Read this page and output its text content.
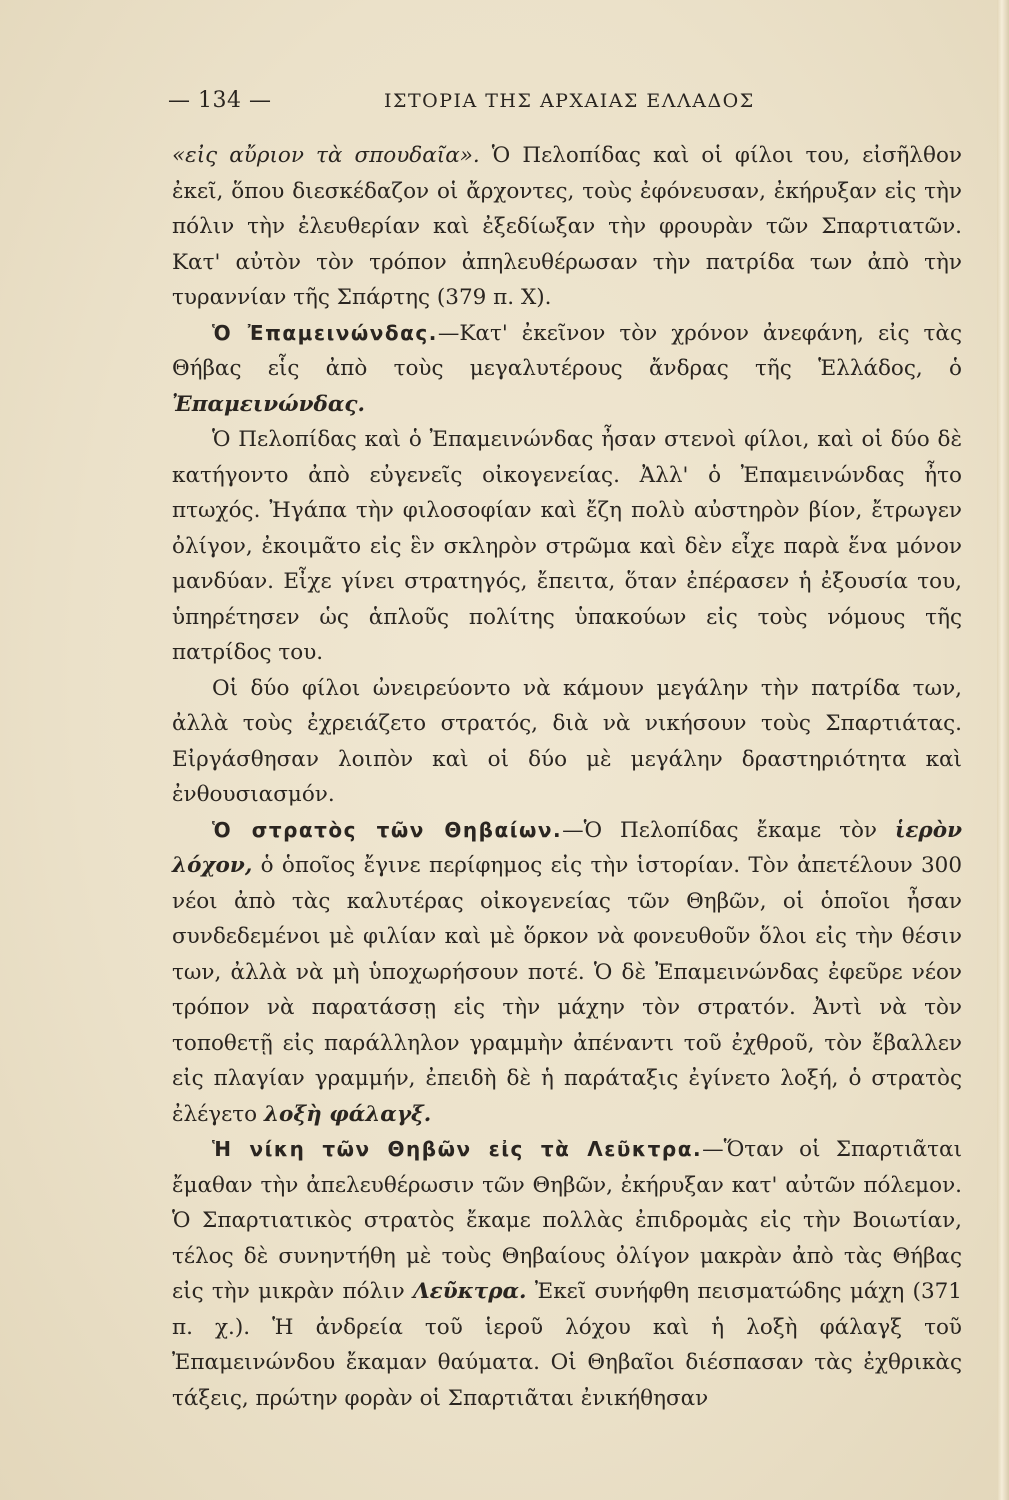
— 134 —	ΙΣΤΟΡΙΑ ΤΗΣ ΑΡΧΑΙΑΣ ΕΛΛΑΔΟΣ

«εἰς αὔριον τὰ σπουδαῖα». Ὁ Πελοπίδας καὶ οἱ φίλοι του, εἰσῆλθον ἐκεῖ, ὅπου διεσκέδαζον οἱ ἄρχοντες, τοὺς ἐφόνευσαν, ἐκήρυξαν εἰς τὴν πόλιν τὴν ἐλευθερίαν καὶ ἐξεδίωξαν τὴν φρουρὰν τῶν Σπαρτιατῶν. Κατ' αὐτὸν τὸν τρόπον ἀπηλευθέρωσαν τὴν πατρίδα των ἀπὸ τὴν τυραννίαν τῆς Σπάρτης (379 π. Χ).

Ὁ Ἐπαμεινώνδας.—Κατ' ἐκεῖνον τὸν χρόνον ἀνεφάνη, εἰς τὰς Θήβας εἷς ἀπὸ τοὺς μεγαλυτέρους ἄνδρας τῆς Ἑλλάδος, ὁ Ἐπαμεινώνδας.

Ὁ Πελοπίδας καὶ ὁ Ἐπαμεινώνδας ἦσαν στενοὶ φίλοι, καὶ οἱ δύο δὲ κατήγοντο ἀπὸ εὐγενεῖς οἰκογενείας. Ἀλλ' ὁ Ἐπαμεινώνδας ἦτο πτωχός. Ἠγάπα τὴν φιλοσοφίαν καὶ ἔζη πολὺ αὐστηρὸν βίον, ἔτρωγεν ὀλίγον, ἐκοιμᾶτο εἰς ἓν σκληρὸν στρῶμα καὶ δὲν εἶχε παρὰ ἕνα μόνον μανδύαν. Εἶχε γίνει στρατηγός, ἔπειτα, ὅταν ἐπέρασεν ἡ ἐξουσία του, ὑπηρέτησεν ὡς ἁπλοῦς πολίτης ὑπακούων εἰς τοὺς νόμους τῆς πατρίδος του.

Οἱ δύο φίλοι ὠνειρεύοντο νὰ κάμουν μεγάλην τὴν πατρίδα των, ἀλλὰ τοὺς ἐχρειάζετο στρατός, διὰ νὰ νικήσουν τοὺς Σπαρτιάτας. Εἰργάσθησαν λοιπὸν καὶ οἱ δύο μὲ μεγάλην δραστηριότητα καὶ ἐνθουσιασμόν.

Ὁ στρατὸς τῶν Θηβαίων.—Ὁ Πελοπίδας ἔκαμε τὸν ἱερὸν λόχον, ὁ ὁποῖος ἔγινε περίφημος εἰς τὴν ἱστορίαν. Τὸν ἀπετέλουν 300 νέοι ἀπὸ τὰς καλυτέρας οἰκογενείας τῶν Θηβῶν, οἱ ὁποῖοι ἦσαν συνδεδεμένοι μὲ φιλίαν καὶ μὲ ὅρκον νὰ φονευθοῦν ὅλοι εἰς τὴν θέσιν των, ἀλλὰ νὰ μὴ ὑποχωρήσουν ποτέ. Ὁ δὲ Ἐπαμεινώνδας ἐφεῦρε νέον τρόπον νὰ παρατάσσῃ εἰς τὴν μάχην τὸν στρατόν. Ἀντὶ νὰ τὸν τοποθετῇ εἰς παράλληλον γραμμὴν ἀπέναντι τοῦ ἐχθροῦ, τὸν ἔβαλλεν εἰς πλαγίαν γραμμήν, ἐπειδὴ δὲ ἡ παράταξις ἐγίνετο λοξή, ὁ στρατὸς ἐλέγετο λοξὴ φάλαγξ.

Ἡ νίκη τῶν Θηβῶν εἰς τὰ Λεῦκτρα.—Ὅταν οἱ Σπαρτιᾶται ἔμαθαν τὴν ἀπελευθέρωσιν τῶν Θηβῶν, ἐκήρυξαν κατ' αὐτῶν πόλεμον. Ὁ Σπαρτιατικὸς στρατὸς ἔκαμε πολλὰς ἐπιδρομὰς εἰς τὴν Βοιωτίαν, τέλος δὲ συνηντήθη μὲ τοὺς Θηβαίους ὀλίγον μακρὰν ἀπὸ τὰς Θήβας εἰς τὴν μικρὰν πόλιν Λεῦκτρα. Ἐκεῖ συνήφθη πεισματώδης μάχη (371 π. χ.). Ἡ ἀνδρεία τοῦ ἱεροῦ λόχου καὶ ἡ λοξὴ φάλαγξ τοῦ Ἐπαμεινώνδου ἔκαμαν θαύματα. Οἱ Θηβαῖοι διέσπασαν τὰς ἐχθρικὰς τάξεις, πρώτην φορὰν οἱ Σπαρτιᾶται ἐνικήθησαν
